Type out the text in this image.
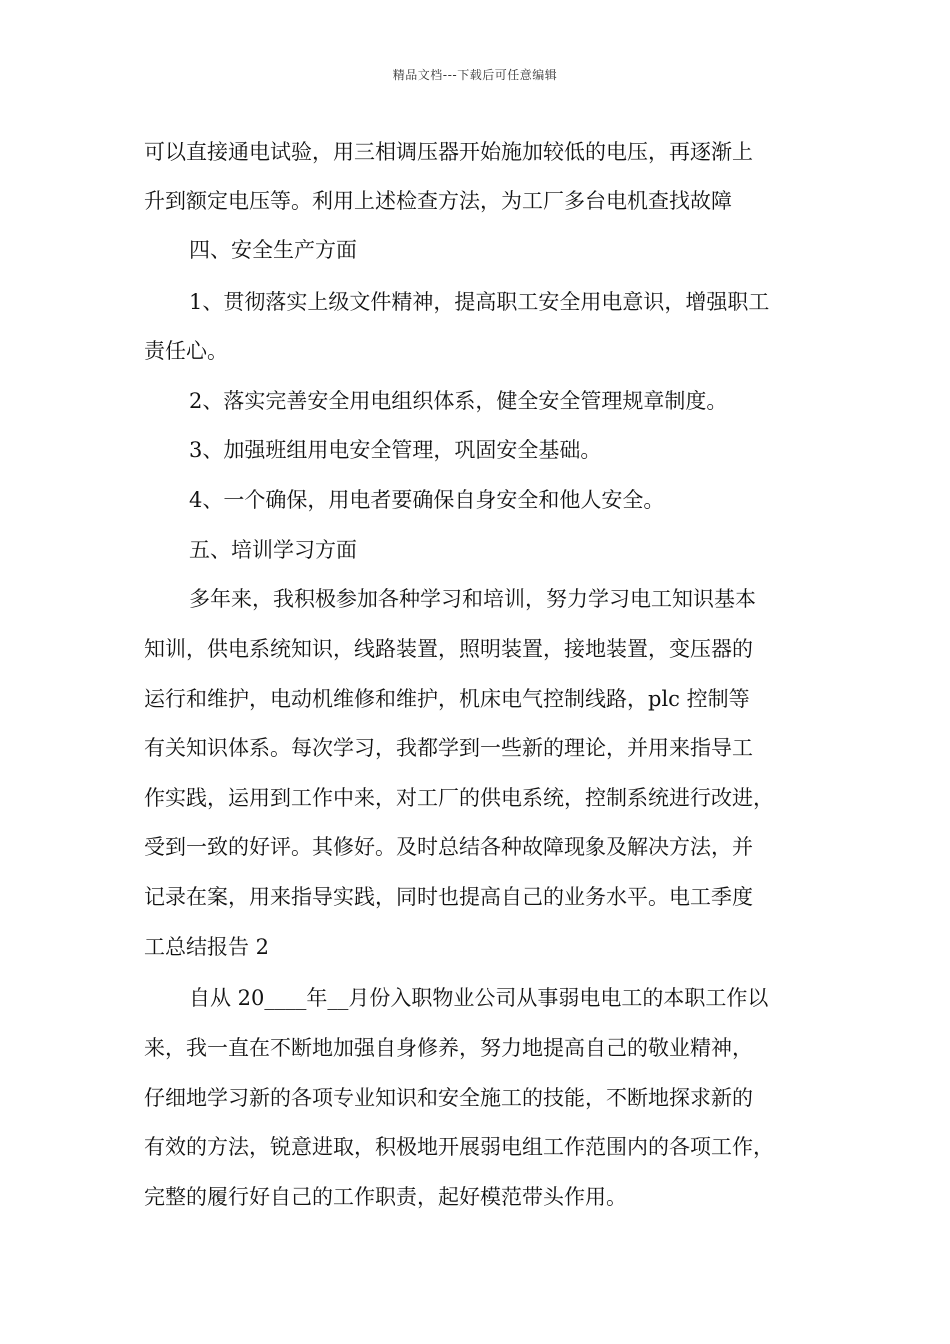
精品文档---下载后可任意编辑
可以直接通电试验，用三相调压器开始施加较低的电压，再逐渐上
升到额定电压等。利用上述检查方法，为工厂多台电机查找故障
四、安全生产方面
1、贯彻落实上级文件精神，提高职工安全用电意识，增强职工
责任心。
2、落实完善安全用电组织体系，健全安全管理规章制度。
3、加强班组用电安全管理，巩固安全基础。
4、一个确保，用电者要确保自身安全和他人安全。
五、培训学习方面
多年来，我积极参加各种学习和培训，努力学习电工知识基本
知训，供电系统知识，线路装置，照明装置，接地装置，变压器的
运行和维护，电动机维修和维护，机床电气控制线路，plc 控制等
有关知识体系。每次学习，我都学到一些新的理论，并用来指导工
作实践，运用到工作中来，对工厂的供电系统，控制系统进行改进，
受到一致的好评。其修好。及时总结各种故障现象及解决方法，并
记录在案，用来指导实践，同时也提高自己的业务水平。电工季度
工总结报告 2
自从 20____年__月份入职物业公司从事弱电电工的本职工作以
来，我一直在不断地加强自身修养，努力地提高自己的敬业精神，
仔细地学习新的各项专业知识和安全施工的技能，不断地探求新的
有效的方法，锐意进取，积极地开展弱电组工作范围内的各项工作，
完整的履行好自己的工作职责，起好模范带头作用。
